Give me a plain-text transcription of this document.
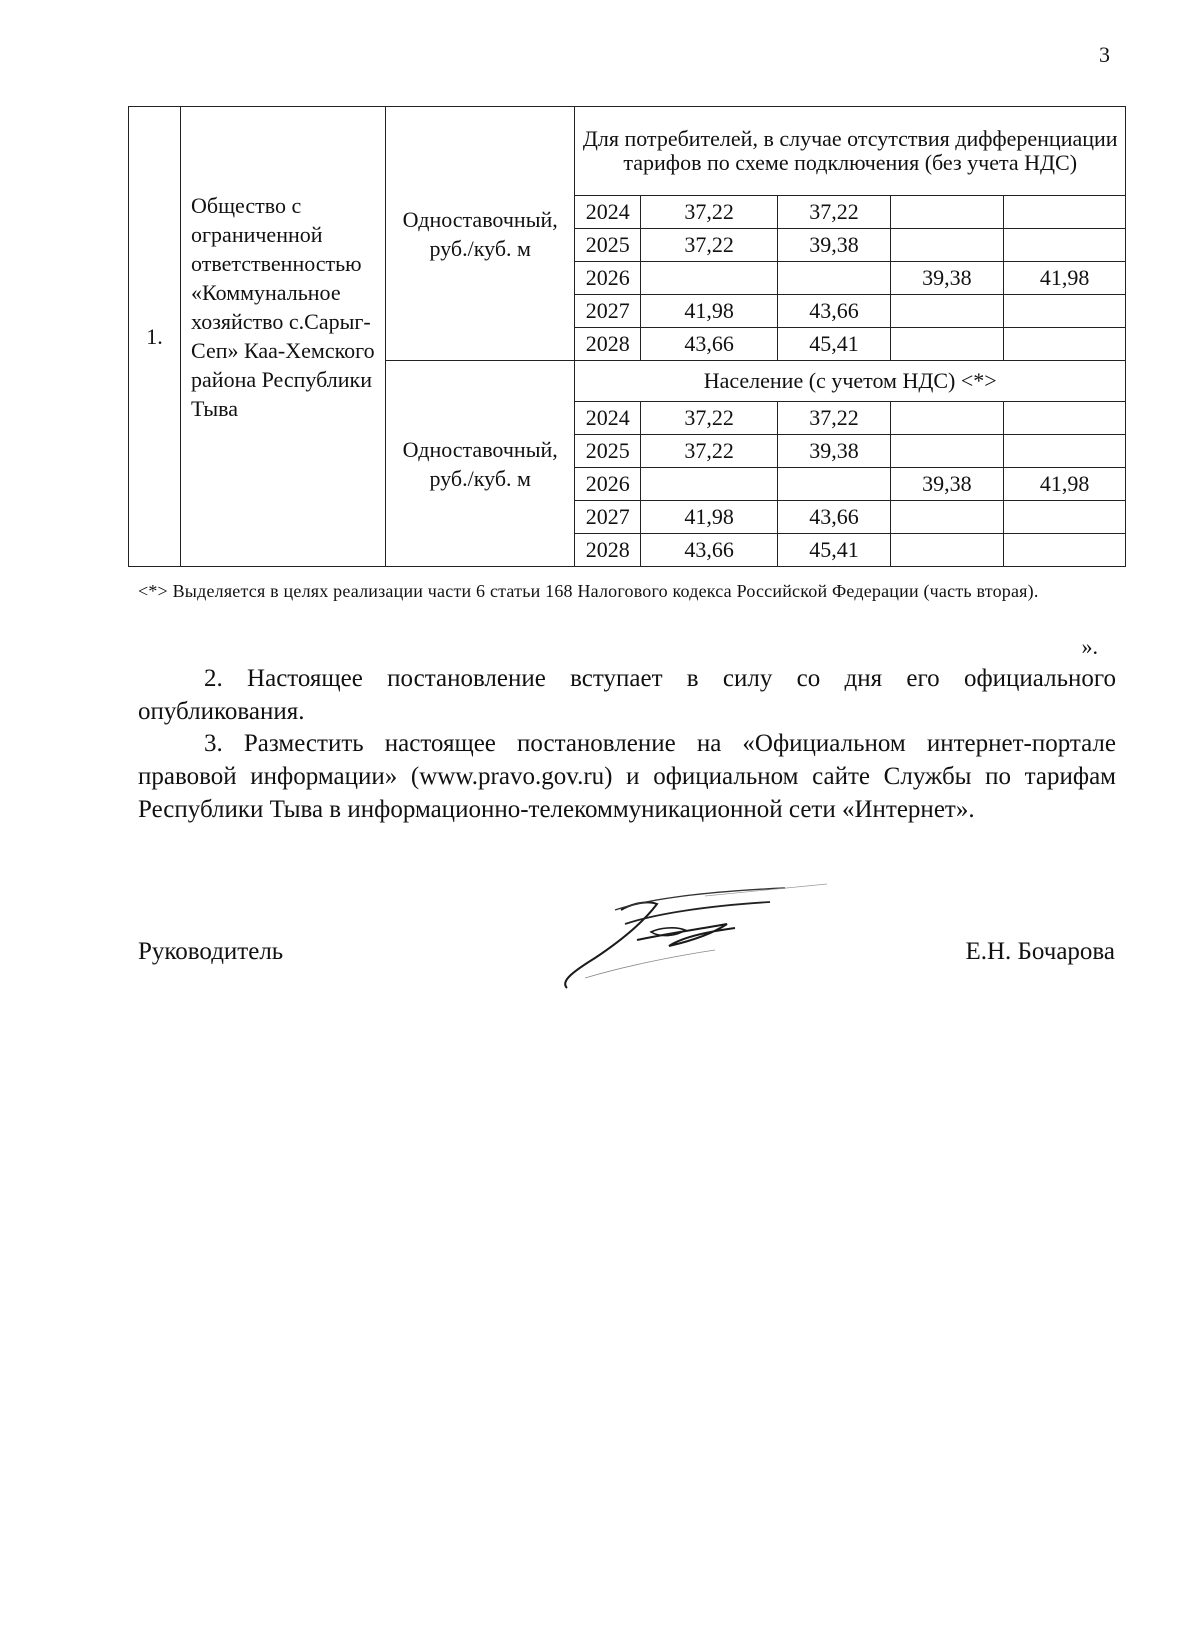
3
1.	Общество с ограниченной ответственностью «Коммунальное хозяйство с.Сарыг-Сеп» Каа-Хемского района Республики Тыва	Одноставочный, руб./куб. м	Для потребителей, в случае отсутствия дифференциации тарифов по схеме подключения (без учета НДС)				
			2024	37,22	37,22		
			2025	37,22	39,38		
			2026			39,38	41,98
			2027	41,98	43,66		
			2028	43,66	45,41		
		Одноставочный, руб./куб. м	Население (с учетом НДС) <*>				
			2024	37,22	37,22		
			2025	37,22	39,38		
			2026			39,38	41,98
			2027	41,98	43,66		
			2028	43,66	45,41		
<*> Выделяется в целях реализации части 6 статьи 168 Налогового кодекса Российской Федерации (часть вторая).
».

2. Настоящее постановление вступает в силу со дня его официального опубликования.

3. Разместить настоящее постановление на «Официальном интернет-портале правовой информации» (www.pravo.gov.ru) и официальном сайте Службы по тарифам Республики Тыва в информационно-телекоммуникационной сети «Интернет».

Руководитель	Е.Н. Бочарова
